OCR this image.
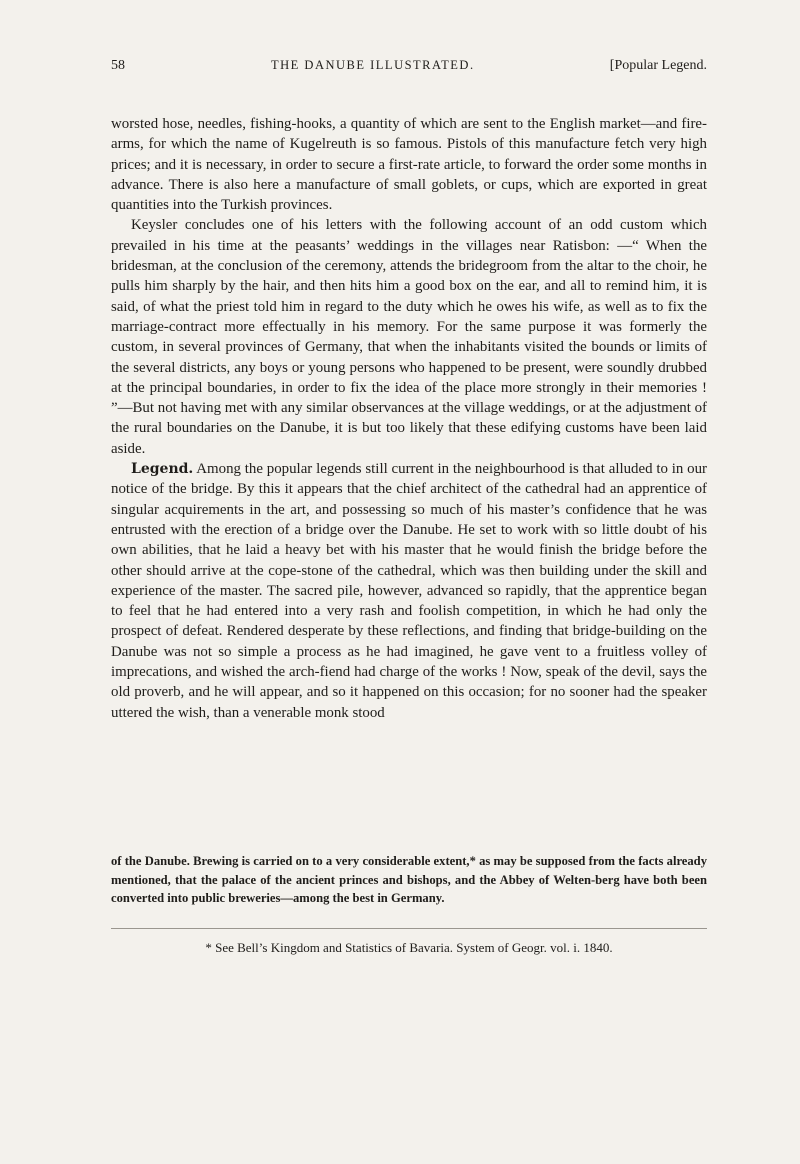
58	THE DANUBE ILLUSTRATED.	[Popular Legend.

worsted hose, needles, fishing-hooks, a quantity of which are sent to the English market—and fire-arms, for which the name of Kugelreuth is so famous. Pistols of this manufacture fetch very high prices; and it is necessary, in order to secure a first-rate article, to forward the order some months in advance. There is also here a manufacture of small goblets, or cups, which are exported in great quantities into the Turkish provinces.

Keysler concludes one of his letters with the following account of an odd custom which prevailed in his time at the peasants’ weddings in the villages near Ratisbon: —“ When the bridesman, at the conclusion of the ceremony, attends the bridegroom from the altar to the choir, he pulls him sharply by the hair, and then hits him a good box on the ear, and all to remind him, it is said, of what the priest told him in regard to the duty which he owes his wife, as well as to fix the marriage-contract more effectually in his memory. For the same purpose it was formerly the custom, in several provinces of Germany, that when the inhabitants visited the bounds or limits of the several districts, any boys or young persons who happened to be present, were soundly drubbed at the principal boundaries, in order to fix the idea of the place more strongly in their memories ! ”—But not having met with any similar observances at the village weddings, or at the adjustment of the rural boundaries on the Danube, it is but too likely that these edifying customs have been laid aside.

Legend. Among the popular legends still current in the neighbourhood is that alluded to in our notice of the bridge. By this it appears that the chief architect of the cathedral had an apprentice of singular acquirements in the art, and possessing so much of his master’s confidence that he was entrusted with the erection of a bridge over the Danube. He set to work with so little doubt of his own abilities, that he laid a heavy bet with his master that he would finish the bridge before the other should arrive at the cope-stone of the cathedral, which was then building under the skill and experience of the master. The sacred pile, however, advanced so rapidly, that the apprentice began to feel that he had entered into a very rash and foolish competition, in which he had only the prospect of defeat. Rendered desperate by these reflections, and finding that bridge-building on the Danube was not so simple a process as he had imagined, he gave vent to a fruitless volley of imprecations, and wished the arch-fiend had charge of the works ! Now, speak of the devil, says the old proverb, and he will appear, and so it happened on this occasion; for no sooner had the speaker uttered the wish, than a venerable monk stood

of the Danube. Brewing is carried on to a very considerable extent,* as may be supposed from the facts already mentioned, that the palace of the ancient princes and bishops, and the Abbey of Welten-berg have both been converted into public breweries—among the best in Germany.
* See Bell’s Kingdom and Statistics of Bavaria. System of Geogr. vol. i. 1840.
